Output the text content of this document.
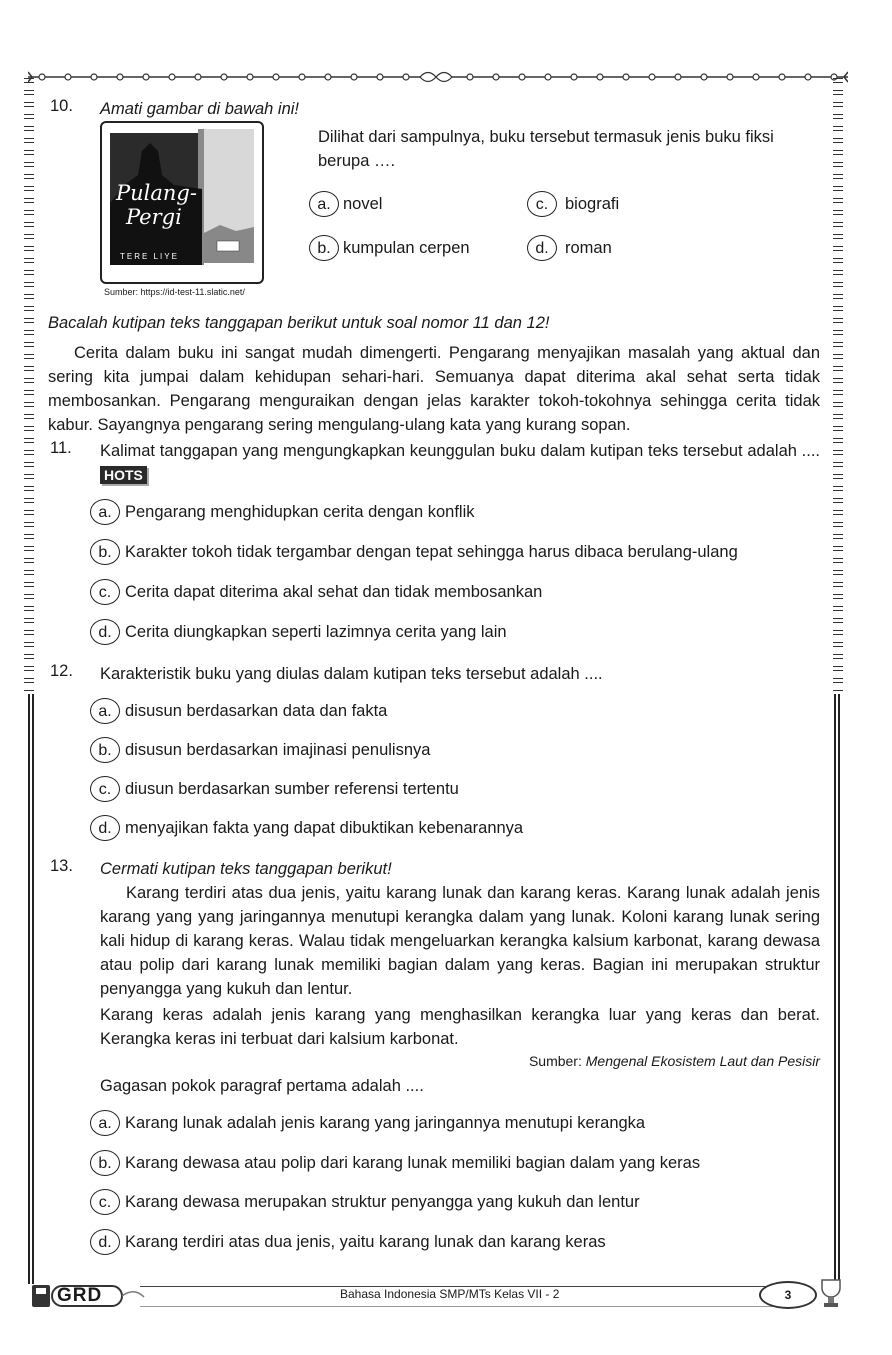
10. Amati gambar di bawah ini!
Pulang-
Pergi
TERE LIYE
Sumber: https://id-test-11.slatic.net/
Dilihat dari sampulnya, buku tersebut termasuk jenis buku fiksi berupa ….
a. novel
b. kumpulan cerpen
c.	biografi
d. roman
Bacalah kutipan teks tanggapan berikut untuk soal nomor 11 dan 12!
Cerita dalam buku ini sangat mudah dimengerti. Pengarang menyajikan masalah yang aktual dan sering kita jumpai dalam kehidupan sehari-hari. Semuanya dapat diterima akal sehat serta tidak membosankan. Pengarang menguraikan dengan jelas karakter tokoh-tokohnya sehingga cerita tidak kabur. Sayangnya pengarang sering mengulang-ulang kata yang kurang sopan.
11. Kalimat tanggapan yang mengungkapkan keunggulan buku dalam kutipan teks tersebut adalah .... HOTS
a. Pengarang menghidupkan cerita dengan konflik
b. Karakter tokoh tidak tergambar dengan tepat sehingga harus dibaca berulang-ulang
c. Cerita dapat diterima akal sehat dan tidak membosankan
d. Cerita diungkapkan seperti lazimnya cerita yang lain
12. Karakteristik buku yang diulas dalam kutipan teks tersebut adalah ....
a. disusun berdasarkan data dan fakta
b. disusun berdasarkan imajinasi penulisnya
c. diusun berdasarkan sumber referensi tertentu
d. menyajikan fakta yang dapat dibuktikan kebenarannya
13. Cermati kutipan teks tanggapan berikut!
Karang terdiri atas dua jenis, yaitu karang lunak dan karang keras. Karang lunak adalah jenis karang yang yang jaringannya menutupi kerangka dalam yang lunak. Koloni karang lunak sering kali hidup di karang keras. Walau tidak mengeluarkan kerangka kalsium karbonat, karang dewasa atau polip dari karang lunak memiliki bagian dalam yang keras. Bagian ini merupakan struktur penyangga yang kukuh dan lentur.
Karang keras adalah jenis karang yang menghasilkan kerangka luar yang keras dan berat. Kerangka keras ini terbuat dari kalsium karbonat.
Sumber: Mengenal Ekosistem Laut dan Pesisir
Gagasan pokok paragraf pertama adalah ....
a. Karang lunak adalah jenis karang yang jaringannya menutupi kerangka
b. Karang dewasa atau polip dari karang lunak memiliki bagian dalam yang keras
c. Karang dewasa merupakan struktur penyangga yang kukuh dan lentur
d. Karang terdiri atas dua jenis, yaitu karang lunak dan karang keras
GRD	Bahasa Indonesia SMP/MTs Kelas VII - 2	3
